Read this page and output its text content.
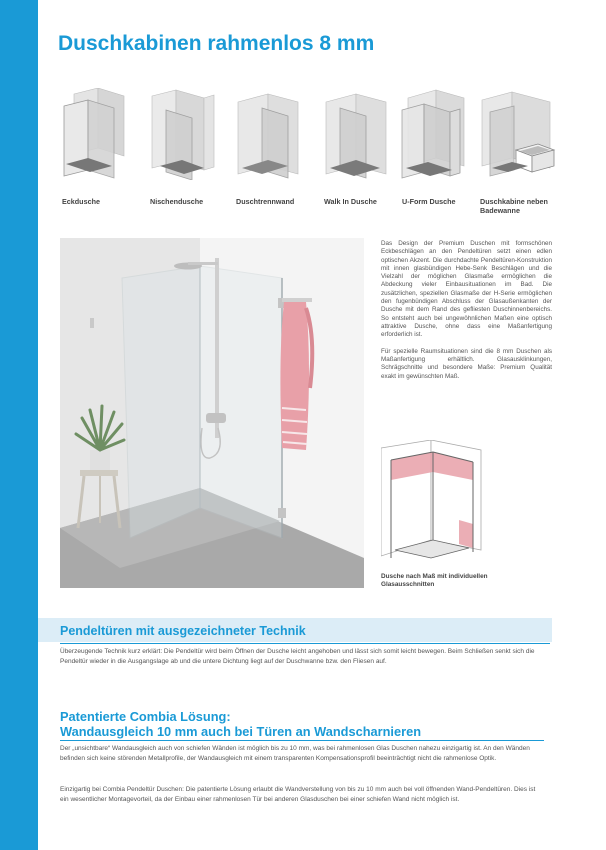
Duschkabinen rahmenlos 8 mm
Eckdusche	Nischendusche	Duschtrennwand	Walk In Dusche	U-Form Dusche	Duschkabine neben Badewanne

Das Design der Premium Duschen mit formschönen Eckbeschlägen an den Pendeltüren setzt einen edlen optischen Akzent. Die durchdachte Pendeltüren-Konstruktion mit innen glasbündigen Hebe-Senk Beschlägen und die Vielzahl der möglichen Glasmaße ermöglichen die Abdeckung vieler Einbausituationen im Bad. Die zusätzlichen, speziellen Glasmaße der H-Serie ermöglichen den fugenbündigen Abschluss der Glasaußenkanten der Dusche mit dem Rand des gefliesten Duschinnenbereichs. So entsteht auch bei ungewöhnlichen Maßen eine optisch attraktive Dusche, ohne dass eine Maßanfertigung erforderlich ist.

Für spezielle Raumsituationen sind die 8 mm Duschen als Maßanfertigung erhältlich. Glasausklinkungen, Schrägschnitte und besondere Maße: Premium Qualität exakt im gewünschten Maß.

Dusche nach Maß mit individuellen Glasausschnitten
Pendeltüren mit ausgezeichneter Technik
Überzeugende Technik kurz erklärt: Die Pendeltür wird beim Öffnen der Dusche leicht angehoben und lässt sich somit leicht bewegen. Beim Schließen senkt sich die Pendeltür wieder in die Ausgangslage ab und die untere Dichtung liegt auf der Duschwanne bzw. den Fliesen auf.
Patentierte Combia Lösung:
Wandausgleich 10 mm auch bei Türen an Wandscharnieren
Der „unsichtbare“ Wandausgleich auch von schiefen Wänden ist möglich bis zu 10 mm, was bei rahmenlosen Glas Duschen nahezu einzigartig ist. An den Wänden befinden sich keine störenden Metallprofile, der Wandausgleich mit einem transparenten Kompensationsprofil beeinträchtigt nicht die rahmenlose Optik.
Einzigartig bei Combia Pendeltür Duschen: Die patentierte Lösung erlaubt die Wandverstellung von bis zu 10 mm auch bei voll öffnenden Wand-Pendeltüren. Dies ist ein wesentlicher Montagevorteil, da der Einbau einer rahmenlosen Tür bei anderen Glasduschen bei einer schiefen Wand nicht möglich ist.
